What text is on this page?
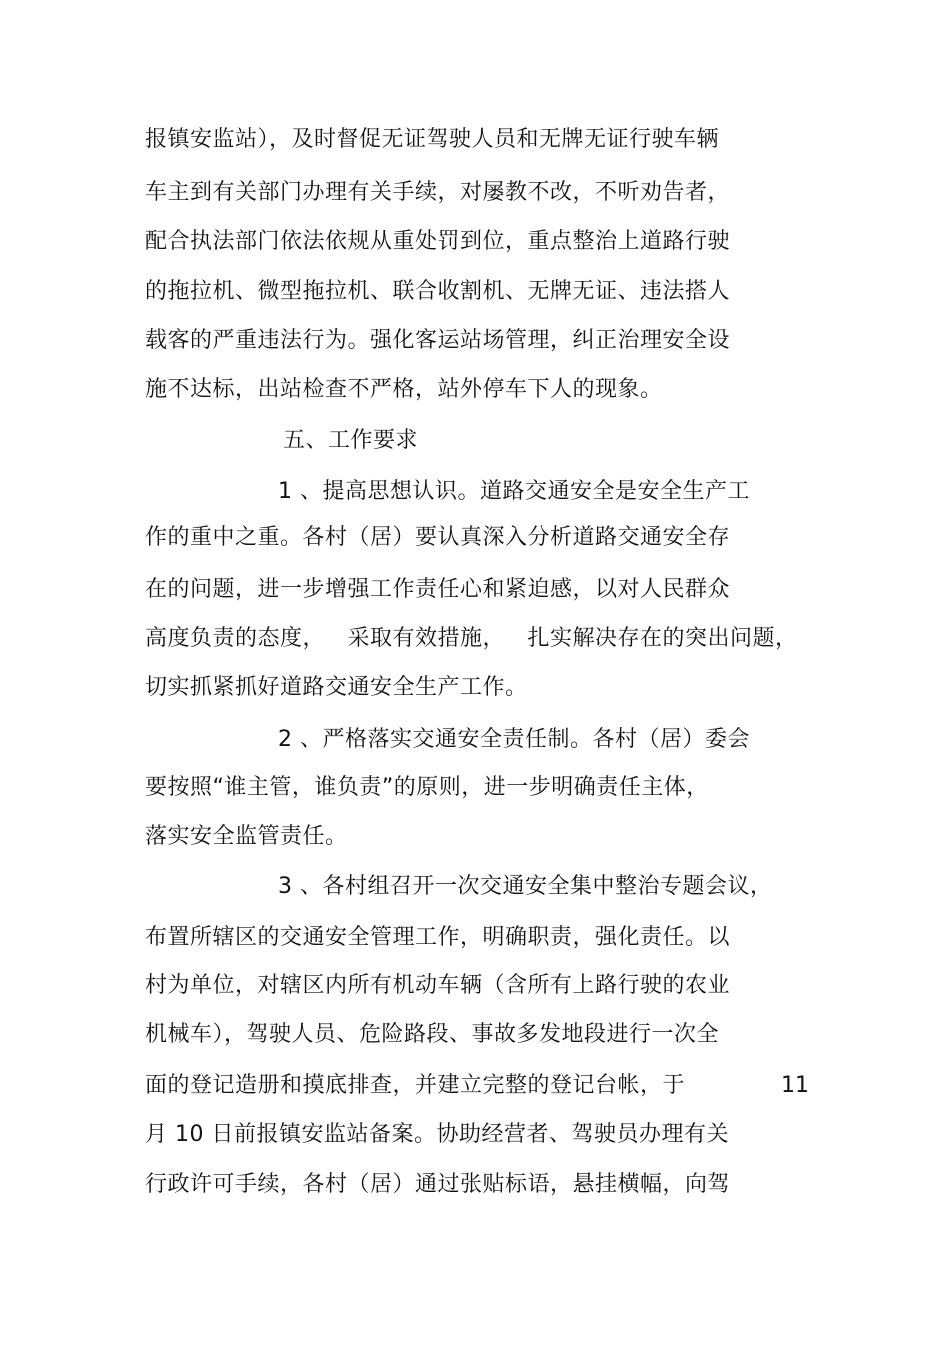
报镇安监站），及时督促无证驾驶人员和无牌无证行驶车辆
车主到有关部门办理有关手续，对屡教不改，不听劝告者，
配合执法部门依法依规从重处罚到位，重点整治上道路行驶
的拖拉机、微型拖拉机、联合收割机、无牌无证、违法搭人
载客的严重违法行为。强化客运站场管理，纠正治理安全设
施不达标，出站检查不严格，站外停车下人的现象。
五、工作要求
1 、提高思想认识。道路交通安全是安全生产工
作的重中之重。各村（居）要认真深入分析道路交通安全存
在的问题，进一步增强工作责任心和紧迫感，以对人民群众
高度负责的态度，   采取有效措施，   扎实解决存在的突出问题，
切实抓紧抓好道路交通安全生产工作。
2 、严格落实交通安全责任制。各村（居）委会
要按照“谁主管，谁负责”的原则，进一步明确责任主体，
落实安全监管责任。
3 、各村组召开一次交通安全集中整治专题会议，
布置所辖区的交通安全管理工作，明确职责，强化责任。以
村为单位，对辖区内所有机动车辆（含所有上路行驶的农业
机械车），驾驶人员、危险路段、事故多发地段进行一次全
面的登记造册和摸底排查，并建立完整的登记台帐，于	11
月 10 日前报镇安监站备案。协助经营者、驾驶员办理有关
行政许可手续，各村（居）通过张贴标语，悬挂横幅，向驾
